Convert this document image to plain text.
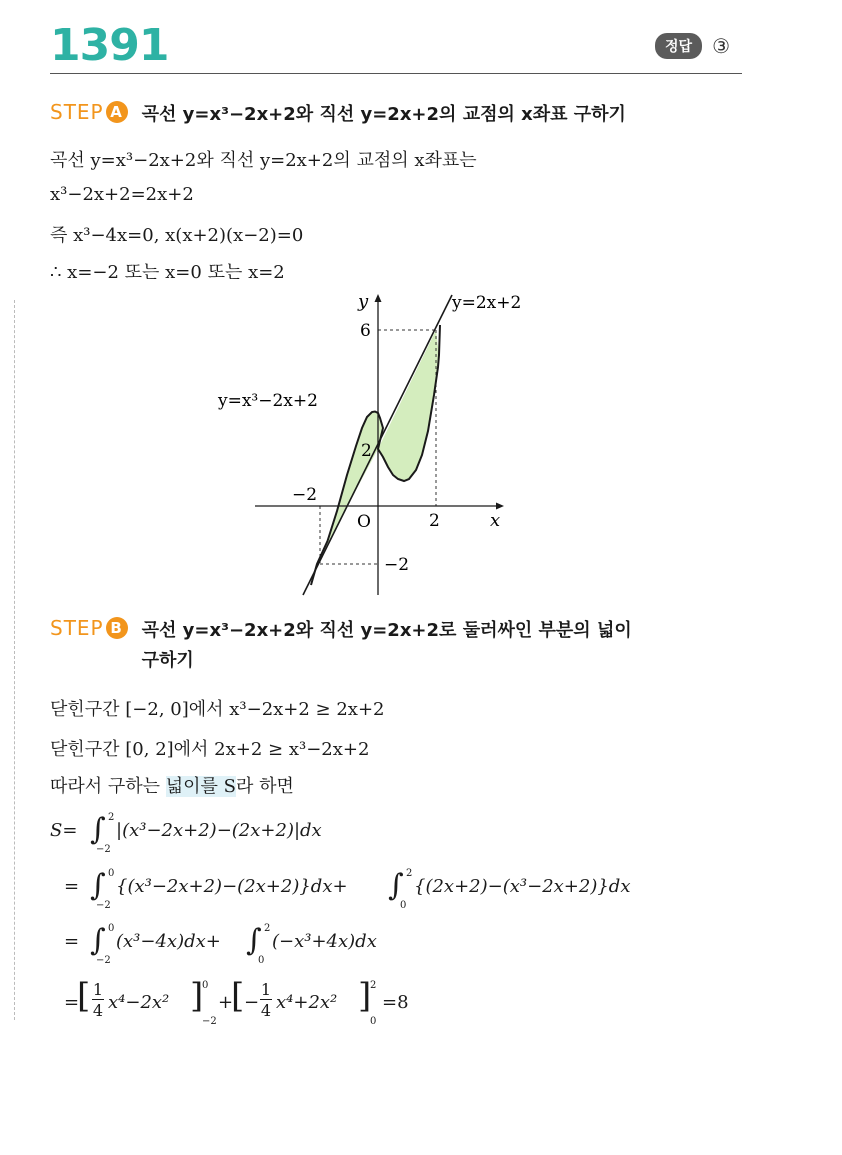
1391	정답	③
STEP A 곡선 y=x³−2x+2와 직선 y=2x+2의 교점의 x좌표 구하기
곡선 y=x³−2x+2와 직선 y=2x+2의 교점의 x좌표는
x³−2x+2=2x+2
즉 x³−4x=0, x(x+2)(x−2)=0
∴ x=−2 또는 x=0 또는 x=2
y
x
O
6
2
−2
2
−2
y=2x+2
y=x³−2x+2
STEP B 곡선 y=x³−2x+2와 직선 y=2x+2로 둘러싸인 부분의 넓이
구하기
닫힌구간 [−2, 0]에서 x³−2x+2 ≥ 2x+2
닫힌구간 [0, 2]에서 2x+2 ≥ x³−2x+2
따라서 구하는 넓이를 S라 하면
S= ∫ 2
−2
|(x³−2x+2)−(2x+2)|dx
= ∫ 0
−2
{(x³−2x+2)−(2x+2)}dx+ ∫ 2
0
{(2x+2)−(x³−2x+2)}dx
= ∫ 0
−2
(x³−4x)dx+ ∫ 2
0
(−x³+4x)dx
=
[ 1
4 x⁴−2x² ]
0
−2
+
[ −
1
4 x⁴+2x² ]
2
0
=8
